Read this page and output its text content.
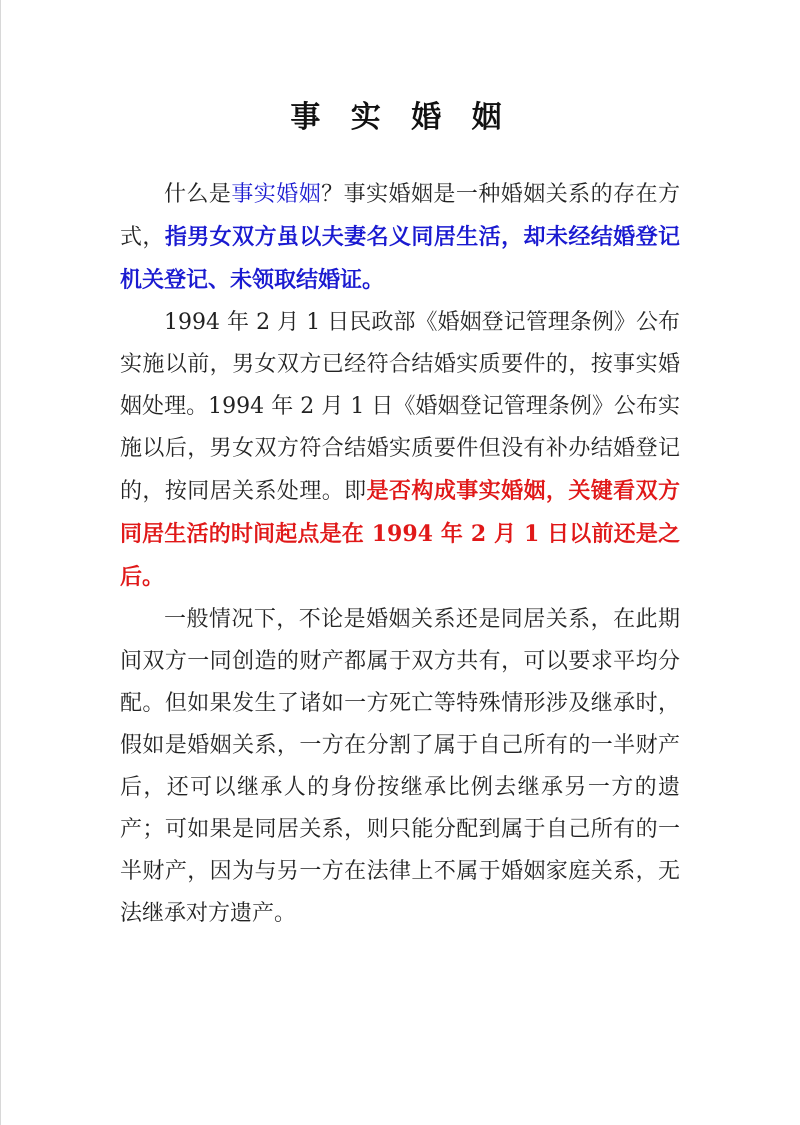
事 实 婚 姻

什么是事实婚姻？事实婚姻是一种婚姻关系的存在方式，指男女双方虽以夫妻名义同居生活，却未经结婚登记机关登记、未领取结婚证。

1994 年 2 月 1 日民政部《婚姻登记管理条例》公布实施以前，男女双方已经符合结婚实质要件的，按事实婚姻处理。1994 年 2 月 1 日《婚姻登记管理条例》公布实施以后，男女双方符合结婚实质要件但没有补办结婚登记的，按同居关系处理。即是否构成事实婚姻，关键看双方同居生活的时间起点是在 1994 年 2 月 1 日以前还是之后。

一般情况下，不论是婚姻关系还是同居关系，在此期间双方一同创造的财产都属于双方共有，可以要求平均分配。但如果发生了诸如一方死亡等特殊情形涉及继承时，假如是婚姻关系，一方在分割了属于自己所有的一半财产后，还可以继承人的身份按继承比例去继承另一方的遗产；可如果是同居关系，则只能分配到属于自己所有的一半财产，因为与另一方在法律上不属于婚姻家庭关系，无法继承对方遗产。
